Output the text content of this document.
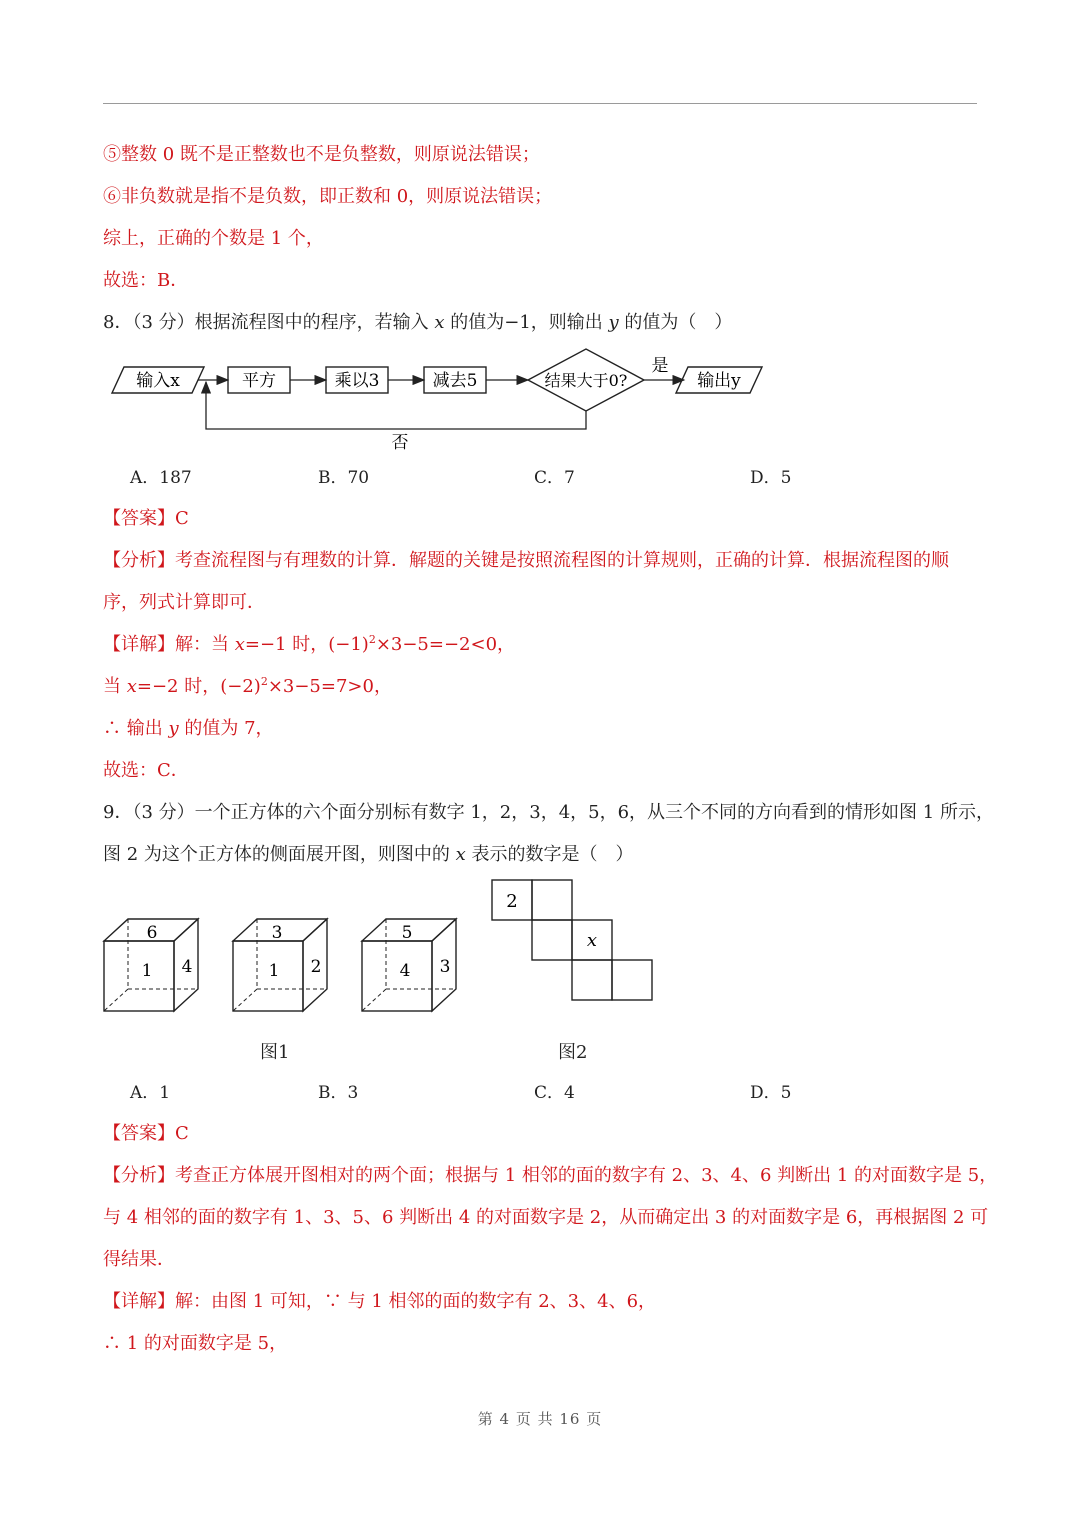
⑤整数 0 既不是正整数也不是负整数，则原说法错误；
⑥非负数就是指不是负数，即正数和 0，则原说法错误；
综上，正确的个数是 1 个，
故选：B．
8．（3 分）根据流程图中的程序，若输入 x 的值为−1，则输出 y 的值为（　）
输入x	平方	乘以3	减去5	结果大于0?
是
输出y
否
A．187	B．70	C．7	D．5
【答案】C
【分析】考查流程图与有理数的计算．解题的关键是按照流程图的计算规则，正确的计算．根据流程图的顺
序，列式计算即可．
【详解】解：当 x=−1 时，$(-1)^2\times 3-5=-2<0$，
当 x=−2 时，$(-2)^2\times 3-5=7>0$，
∴ 输出 y 的值为 7，
故选：C．
9．（3 分）一个正方体的六个面分别标有数字 1，2，3，4，5，6，从三个不同的方向看到的情形如图 1 所示，
图 2 为这个正方体的侧面展开图，则图中的 x 表示的数字是（　）
6
1 4
3
1 2
5
4 3
2
x
图1	图2
A．1	B．3	C．4	D．5
【答案】C
【分析】考查正方体展开图相对的两个面；根据与 1 相邻的面的数字有 2、3、4、6 判断出 1 的对面数字是 5，
与 4 相邻的面的数字有 1、3、5、6 判断出 4 的对面数字是 2，从而确定出 3 的对面数字是 6，再根据图 2 可
得结果．
【详解】解：由图 1 可知，∵ 与 1 相邻的面的数字有 2、3、4、6，
∴ 1 的对面数字是 5，
第 4 页 共 16 页
